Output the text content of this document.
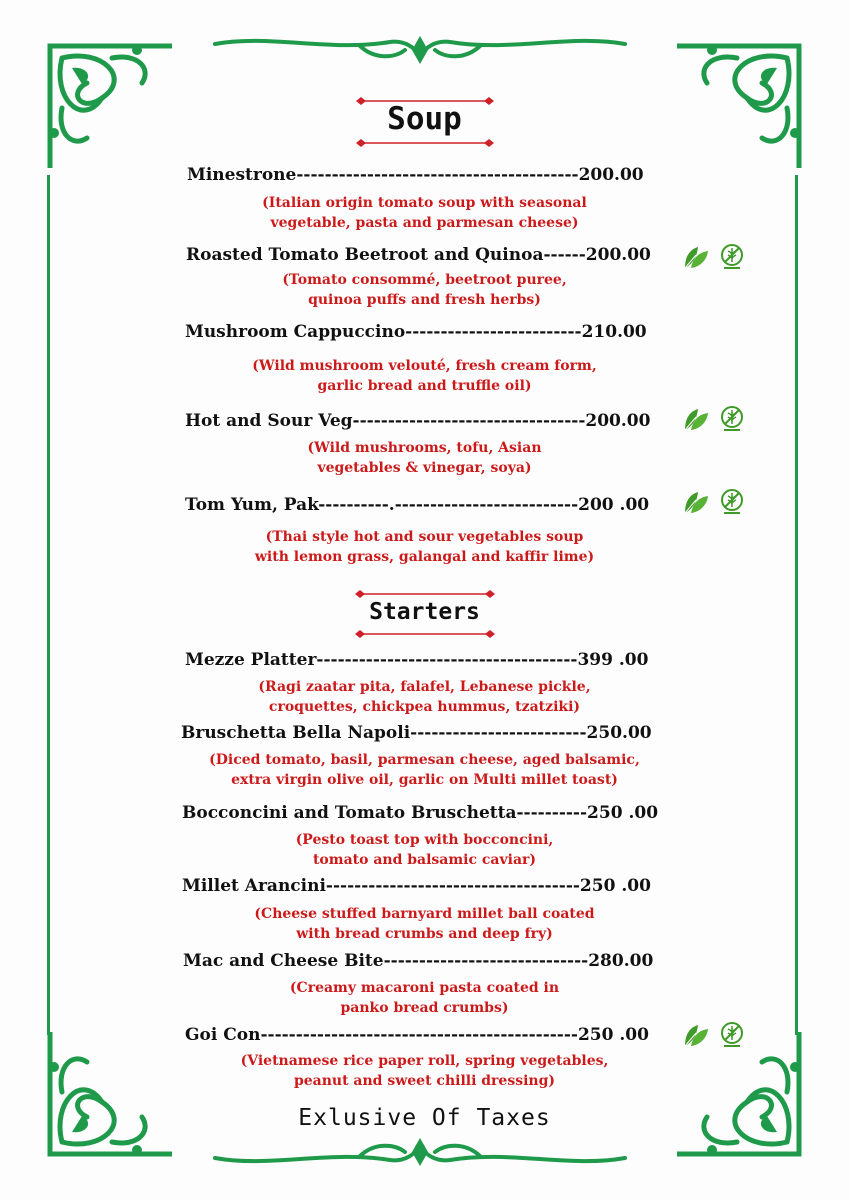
Soup
Minestrone----------------------------------------200.00
(Italian origin tomato soup with seasonal
vegetable, pasta and parmesan cheese)
Roasted Tomato Beetroot and Quinoa------200.00
(Tomato consommé, beetroot puree,
quinoa puffs and fresh herbs)
Mushroom Cappuccino-------------------------210.00
(Wild mushroom velouté, fresh cream form,
garlic bread and truffle oil)
Hot and Sour Veg---------------------------------200.00
(Wild mushrooms, tofu, Asian
vegetables & vinegar, soya)
Tom Yum, Pak----------.--------------------------200 .00
(Thai style hot and sour vegetables soup
with lemon grass, galangal and kaffir lime)
Starters
Mezze Platter-------------------------------------399 .00
(Ragi zaatar pita, falafel, Lebanese pickle,
croquettes, chickpea hummus, tzatziki)
Bruschetta Bella Napoli-------------------------250.00
(Diced tomato, basil, parmesan cheese, aged balsamic,
extra virgin olive oil, garlic on Multi millet toast)
Bocconcini and Tomato Bruschetta----------250 .00
(Pesto toast top with bocconcini,
tomato and balsamic caviar)
Millet Arancini------------------------------------250 .00
(Cheese stuffed barnyard millet ball coated
with bread crumbs and deep fry)
Mac and Cheese Bite-----------------------------280.00
(Creamy macaroni pasta coated in
panko bread crumbs)
Goi Con---------------------------------------------250 .00
(Vietnamese rice paper roll, spring vegetables,
peanut and sweet chilli dressing)
Exlusive Of Taxes
